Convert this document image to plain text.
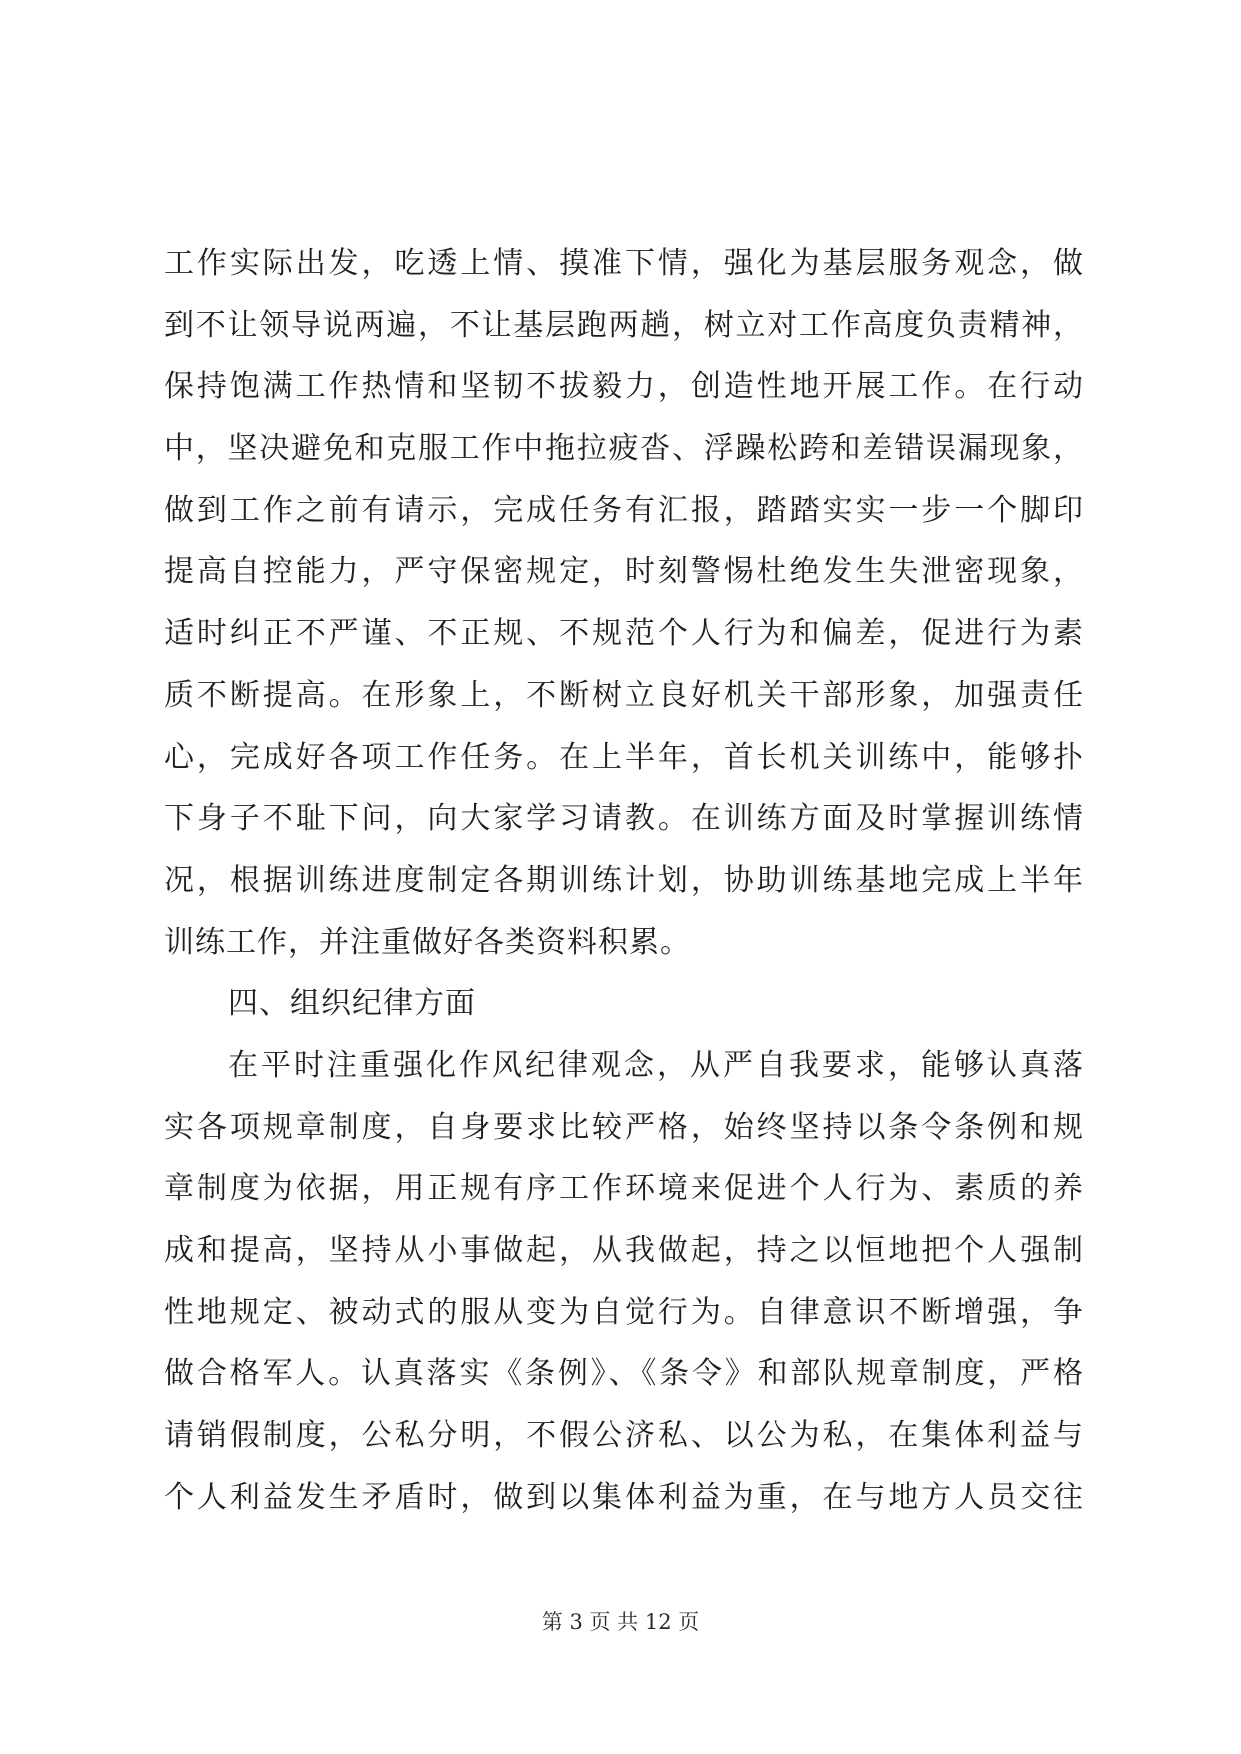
工作实际出发，吃透上情、摸准下情，强化为基层服务观念，做
到不让领导说两遍，不让基层跑两趟，树立对工作高度负责精神，
保持饱满工作热情和坚韧不拔毅力，创造性地开展工作。在行动
中，坚决避免和克服工作中拖拉疲沓、浮躁松跨和差错误漏现象，
做到工作之前有请示，完成任务有汇报，踏踏实实一步一个脚印
提高自控能力，严守保密规定，时刻警惕杜绝发生失泄密现象，
适时纠正不严谨、不正规、不规范个人行为和偏差，促进行为素
质不断提高。在形象上，不断树立良好机关干部形象，加强责任
心，完成好各项工作任务。在上半年，首长机关训练中，能够扑
下身子不耻下问，向大家学习请教。在训练方面及时掌握训练情
况，根据训练进度制定各期训练计划，协助训练基地完成上半年
训练工作，并注重做好各类资料积累。
四、组织纪律方面
在平时注重强化作风纪律观念，从严自我要求，能够认真落
实各项规章制度，自身要求比较严格，始终坚持以条令条例和规
章制度为依据，用正规有序工作环境来促进个人行为、素质的养
成和提高，坚持从小事做起，从我做起，持之以恒地把个人强制
性地规定、被动式的服从变为自觉行为。自律意识不断增强，争
做合格军人。认真落实《条例》、《条令》和部队规章制度，严格
请销假制度，公私分明，不假公济私、以公为私，在集体利益与
个人利益发生矛盾时，做到以集体利益为重，在与地方人员交往
第 3 页 共 12 页
